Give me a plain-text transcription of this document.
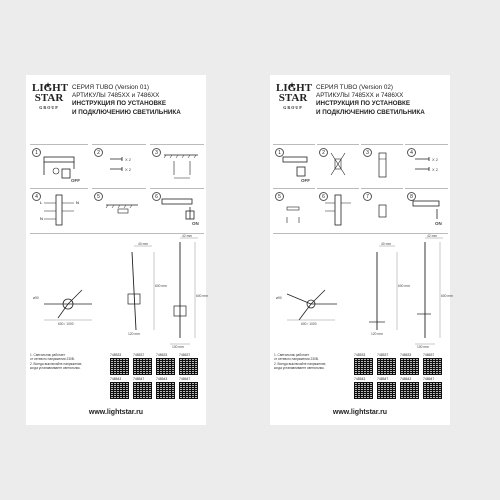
LIGHT
STAR
GROUP
СЕРИЯ TUBO (Version 01)
АРТИКУЛЫ 7485XX и 7486XX
ИНСТРУКЦИЯ ПО УСТАНОВКЕ
И ПОДКЛЮЧЕНИЮ СВЕТИЛЬНИКА
1
OFF
2
X 2
X 2
3
4
L
N
N
5	6
ON
600 / 1000
ø90
40 mm
120 mm
600 mm
42 mm
600 mm
100 mm
1. Светильник работает
от сетевого напряжения 230В.
2. Всегда выключайте напряжение,
когда устанавливаете светильник.
748533	748537	748633	748637
748543	748547	748643	748647
www.lightstar.ru
LIGHT
STAR
GROUP
СЕРИЯ TUBO (Version 02)
АРТИКУЛЫ 7485XX и 7486XX
ИНСТРУКЦИЯ ПО УСТАНОВКЕ
И ПОДКЛЮЧЕНИЮ СВЕТИЛЬНИКА
1
OFF
2	3	4
X 2
X 2
5	6	7	8
ON
600 / 1000
ø90
40 mm
120 mm
600 mm
42 mm
600 mm
100 mm
1. Светильник работает
от сетевого напряжения 230В.
2. Всегда выключайте напряжение,
когда устанавливаете светильник.
748533	748537	748633	748637
748543	748547	748643	748647
www.lightstar.ru
